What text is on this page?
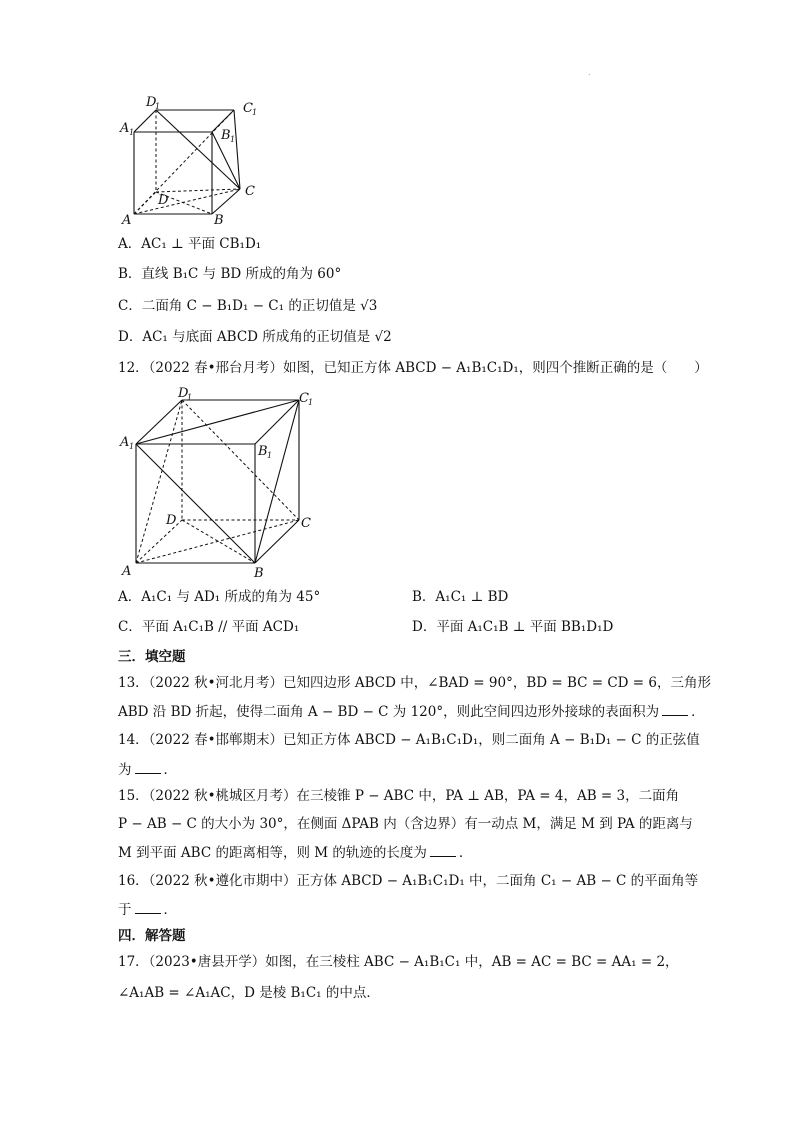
.
D
1	C 1
A 1	B 1
D
C
A	B
A．AC₁ ⊥ 平面 CB₁D₁
B．直线 B₁C 与 BD 所成的角为 60°
C．二面角 C − B₁D₁ − C₁ 的正切值是 √3
D．AC₁ 与底面 ABCD 所成角的正切值是 √2
12．（2022 春•邢台月考）如图，已知正方体 ABCD − A₁B₁C₁D₁，则四个推断正确的是（　　）
D
1	C 1
A 1	B 1
D	C
A	B
A．A₁C₁ 与 AD₁ 所成的角为 45°	B．A₁C₁ ⊥ BD
C．平面 A₁C₁B // 平面 ACD₁	D．平面 A₁C₁B ⊥ 平面 BB₁D₁D
三．填空题
13．（2022 秋•河北月考）已知四边形 ABCD 中，∠BAD = 90°，BD = BC = CD = 6，三角形
ABD 沿 BD 折起，使得二面角 A − BD − C 为 120°，则此空间四边形外接球的表面积为 ．
14．（2022 春•邯郸期末）已知正方体 ABCD − A₁B₁C₁D₁，则二面角 A − B₁D₁ − C 的正弦值
为 ．
15．（2022 秋•桃城区月考）在三棱锥 P − ABC 中，PA ⊥ AB，PA = 4，AB = 3，二面角
P − AB − C 的大小为 30°，在侧面 ΔPAB 内（含边界）有一动点 M，满足 M 到 PA 的距离与
M 到平面 ABC 的距离相等，则 M 的轨迹的长度为 ．
16．（2022 秋•遵化市期中）正方体 ABCD − A₁B₁C₁D₁ 中，二面角 C₁ − AB − C 的平面角等
于 ．
四．解答题
17．（2023•唐县开学）如图，在三棱柱 ABC − A₁B₁C₁ 中，AB = AC = BC = AA₁ = 2，
∠A₁AB = ∠A₁AC，D 是棱 B₁C₁ 的中点．
